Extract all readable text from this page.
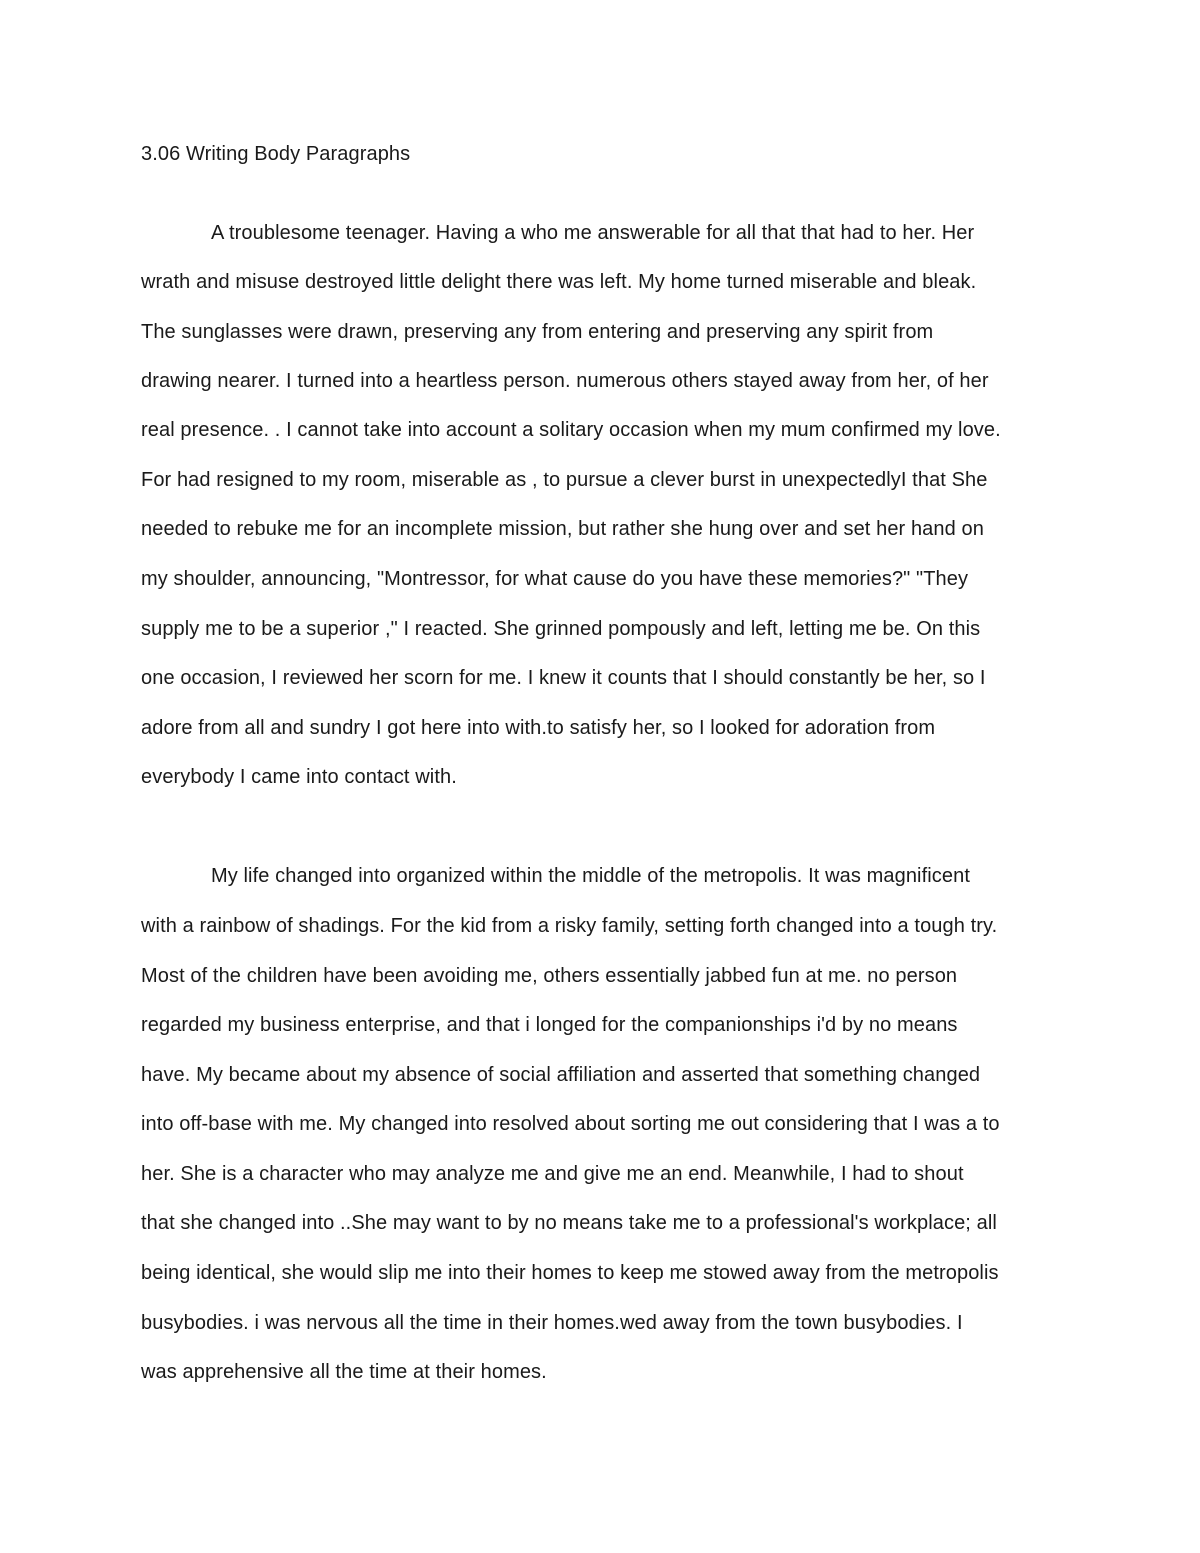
3.06 Writing Body Paragraphs
A troublesome teenager. Having a who me answerable for all that that had to her. Her
wrath and misuse destroyed little delight there was left. My home turned miserable and bleak.
The sunglasses were drawn, preserving any from entering and preserving any spirit from
drawing nearer. I turned into a heartless person. numerous others stayed away from her, of her
real presence. . I cannot take into account a solitary occasion when my mum confirmed my love.
For had resigned to my room, miserable as , to pursue a clever burst in unexpectedlyI that She
needed to rebuke me for an incomplete mission, but rather she hung over and set her hand on
my shoulder, announcing, "Montressor, for what cause do you have these memories?" "They
supply me to be a superior ," I reacted. She grinned pompously and left, letting me be. On this
one occasion, I reviewed her scorn for me. I knew it counts that I should constantly be her, so I
adore from all and sundry I got here into with.to satisfy her, so I looked for adoration from
everybody I came into contact with.
My life changed into organized within the middle of the metropolis. It was magnificent
with a rainbow of shadings. For the kid from a risky family, setting forth changed into a tough try.
Most of the children have been avoiding me, others essentially jabbed fun at me. no person
regarded my business enterprise, and that i longed for the companionships i'd by no means
have. My became about my absence of social affiliation and asserted that something changed
into off-base with me. My changed into resolved about sorting me out considering that I was a to
her. She is a character who may analyze me and give me an end. Meanwhile, I had to shout
that she changed into ..She may want to by no means take me to a professional's workplace; all
being identical, she would slip me into their homes to keep me stowed away from the metropolis
busybodies. i was nervous all the time in their homes.wed away from the town busybodies. I
was apprehensive all the time at their homes.
